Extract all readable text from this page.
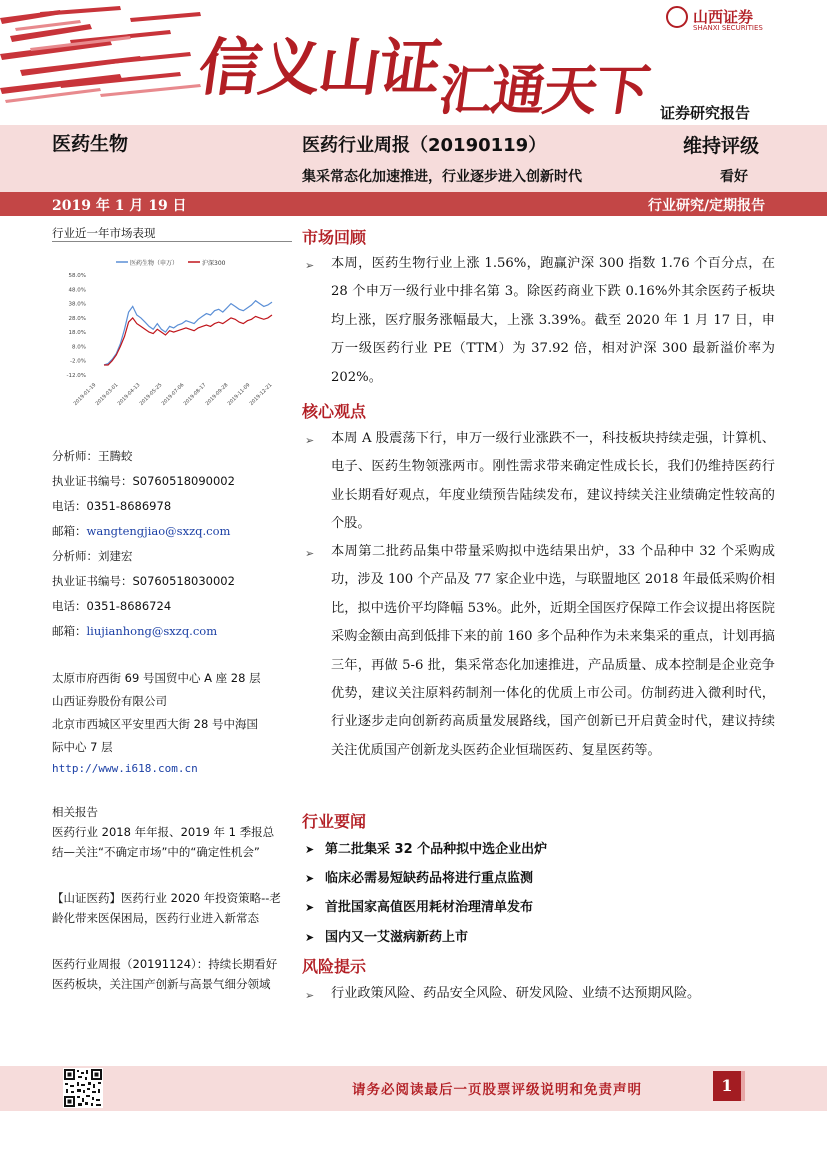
信义山证
汇通天下
山西证券
SHANXI SECURITIES
证券研究报告
医药生物	医药行业周报（20190119）
集采常态化加速推进，行业逐步进入创新时代
维持评级
看好
2019 年 1 月 19 日	行业研究/定期报告
行业近一年市场表现
医药生物（申万）	沪深300
58.0%
48.0%
38.0%
28.0%
18.0%
8.0%
-2.0%
-12.0%
2019-01-19
2019-03-01
2019-04-13
2019-05-25
2019-07-06
2019-08-17
2019-09-28
2019-11-09
2019-12-21
分析师：王腾蛟
执业证书编号：S0760518090002
电话：0351-8686978
邮箱：wangtengjiao@sxzq.com
分析师：刘建宏
执业证书编号：S0760518030002
电话：0351-8686724
邮箱：liujianhong@sxzq.com
太原市府西街 69 号国贸中心 A 座 28 层
山西证券股份有限公司
北京市西城区平安里西大街 28 号中海国
际中心 7 层
http://www.i618.com.cn
相关报告
医药行业 2018 年年报、2019 年 1 季报总结—关注“不确定市场”中的“确定性机会”
【山证医药】医药行业 2020 年投资策略--老龄化带来医保困局，医药行业进入新常态
医药行业周报（20191124）：持续长期看好医药板块，关注国产创新与高景气细分领域
市场回顾
➢	本周，医药生物行业上涨 1.56%，跑赢沪深 300 指数 1.76 个百分点，在 28 个申万一级行业中排名第 3。除医药商业下跌 0.16%外其余医药子板块均上涨，医疗服务涨幅最大，上涨 3.39%。截至 2020 年 1 月 17 日，申万一级医药行业 PE（TTM）为 37.92 倍，相对沪深 300 最新溢价率为 202%。
核心观点
➢	本周 A 股震荡下行，申万一级行业涨跌不一，科技板块持续走强，计算机、电子、医药生物领涨两市。刚性需求带来确定性成长长，我们仍维持医药行业长期看好观点，年度业绩预告陆续发布，建议持续关注业绩确定性较高的个股。
➢	本周第二批药品集中带量采购拟中选结果出炉，33 个品种中 32 个采购成功，涉及 100 个产品及 77 家企业中选，与联盟地区 2018 年最低采购价相比，拟中选价平均降幅 53%。此外，近期全国医疗保障工作会议提出将医院采购金额由高到低排下来的前 160 多个品种作为未来集采的重点，计划再搞三年，再做 5-6 批，集采常态化加速推进，产品质量、成本控制是企业竞争优势，建议关注原料药制剂一体化的优质上市公司。仿制药进入微利时代，行业逐步走向创新药高质量发展路线，国产创新已开启黄金时代，建议持续关注优质国产创新龙头医药企业恒瑞医药、复星医药等。
行业要闻
➤ 第二批集采 32 个品种拟中选企业出炉
➤ 临床必需易短缺药品将进行重点监测
➤ 首批国家高值医用耗材治理清单发布
➤ 国内又一艾滋病新药上市
风险提示
➢	行业政策风险、药品安全风险、研发风险、业绩不达预期风险。
请务必阅读最后一页股票评级说明和免责声明	1
